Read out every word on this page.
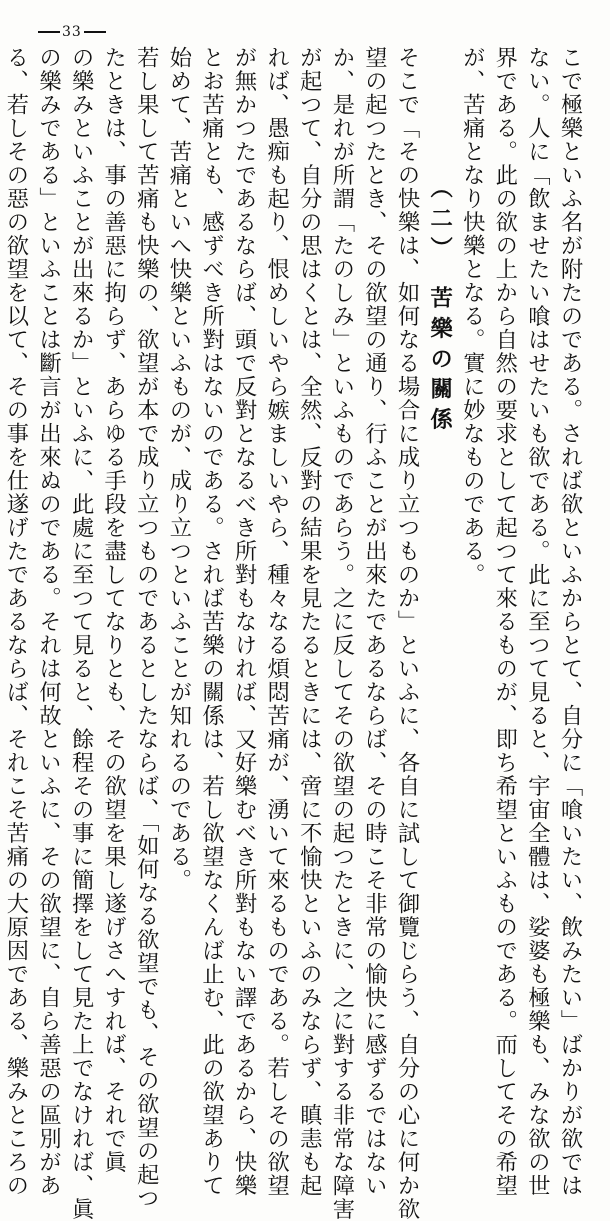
33
こで極樂といふ名が附たのである。されば欲といふからとて、自分に「喰いたい、飲みたい」ばかりが欲では
ない。人に「飲ませたい喰はせたいも欲である。此に至つて見ると、宇宙全體は、娑婆も極樂も、みな欲の世
界である。此の欲の上から自然の要求として起つて來るものが、即ち希望といふものである。而してその希望
が、苦痛となり快樂となる。實に妙なものである。
（二）　苦樂の關係
そこで「その快樂は、如何なる場合に成り立つものか」といふに、各自に試して御覽じらう、自分の心に何か欲
望の起つたとき、その欲望の通り、行ふことが出來たであるならば、その時こそ非常の愉快に感ずるではない
か、是れが所謂「たのしみ」といふものであらう。之に反してその欲望の起つたときに、之に對する非常な障害
が起つて、自分の思はくとは、全然、反對の結果を見たるときには、啻に不愉快といふのみならず、瞋恚も起
れば、愚痴も起り、恨めしいやら嫉ましいやら、種々なる煩悶苦痛が、湧いて來るものである。若しその欲望
が無かつたであるならば、頭で反對となるべき所對もなければ、又好樂むべき所對もない譯であるから、快樂
とお苦痛とも、感ずべき所對はないのである。されば苦樂の關係は、若し欲望なくんば止む、此の欲望ありて
始めて、苦痛といへ快樂といふものが、成り立つといふことが知れるのである。
若し果して苦痛も快樂の、欲望が本で成り立つものであるとしたならば、「如何なる欲望でも、その欲望の起つ
たときは、事の善惡に拘らず、あらゆる手段を盡してなりとも、その欲望を果し遂げさへすれば、それで眞
の樂みといふことが出來るか」といふに、此處に至つて見ると、餘程その事に簡擇をして見た上でなければ、眞
の樂みである」といふことは斷言が出來ぬのである。それは何故といふに、その欲望に、自ら善惡の區別があ
る、若しその惡の欲望を以て、その事を仕遂げたであるならば、それこそ苦痛の大原因である、樂みところの
